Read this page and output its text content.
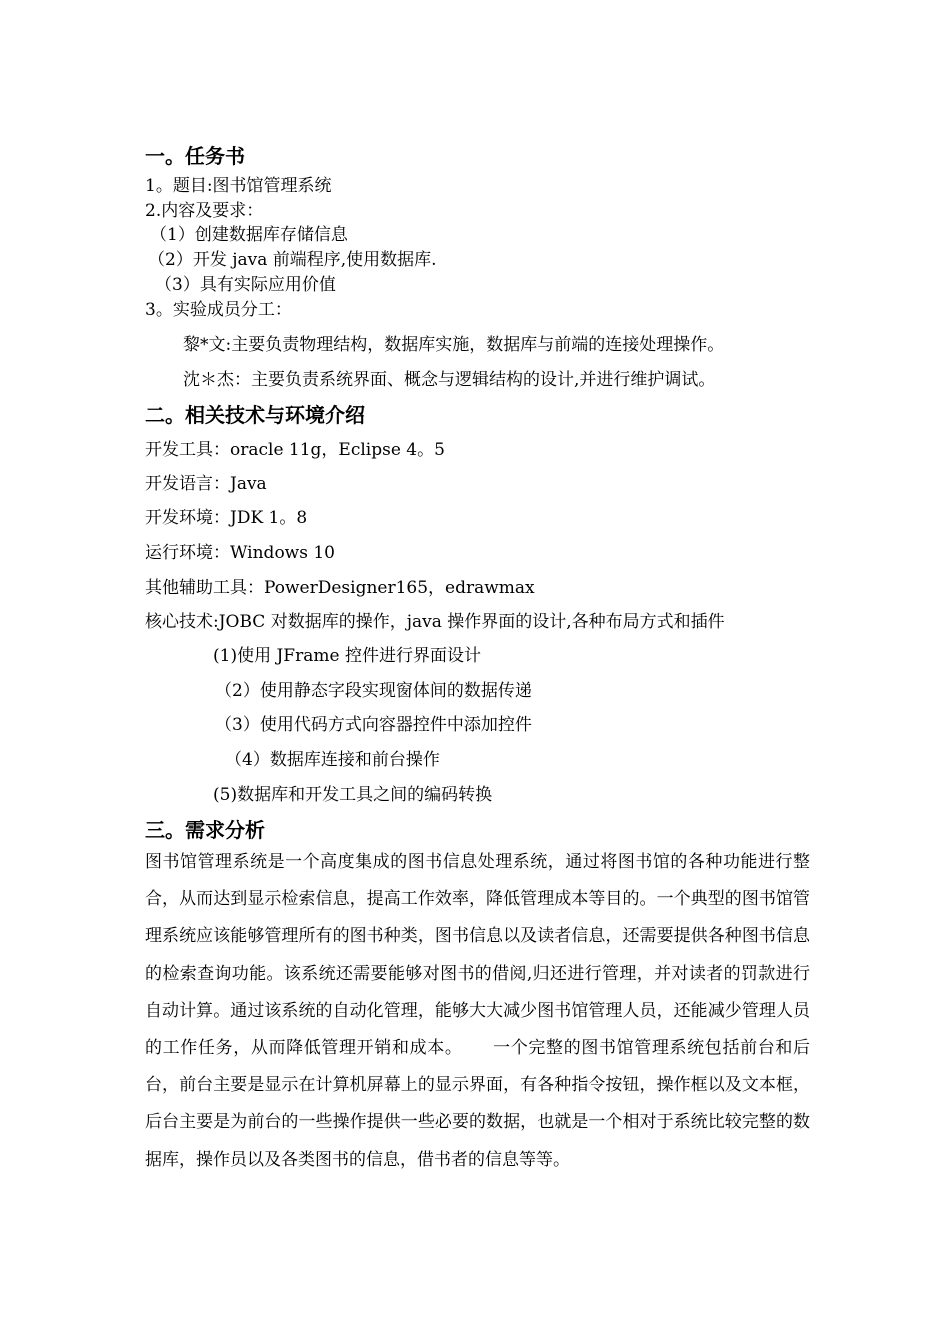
一。任务书
1。题目:图书馆管理系统
2.内容及要求：
（1）创建数据库存储信息
（2）开发 java 前端程序,使用数据库.
（3）具有实际应用价值
3。实验成员分工：
黎*文:主要负责物理结构，数据库实施，数据库与前端的连接处理操作。
沈＊杰：主要负责系统界面、概念与逻辑结构的设计,并进行维护调试。
二。相关技术与环境介绍
开发工具：oracle 11g，Eclipse 4。5
开发语言：Java
开发环境：JDK 1。8
运行环境：Windows 10
其他辅助工具：PowerDesigner165，edrawmax
核心技术:JOBC 对数据库的操作，java 操作界面的设计,各种布局方式和插件
(1)使用 JFrame 控件进行界面设计
（2）使用静态字段实现窗体间的数据传递
（3）使用代码方式向容器控件中添加控件
（4）数据库连接和前台操作
(5)数据库和开发工具之间的编码转换
三。需求分析
图书馆管理系统是一个高度集成的图书信息处理系统，通过将图书馆的各种功能进行整合，从而达到显示检索信息，提高工作效率，降低管理成本等目的。一个典型的图书馆管理系统应该能够管理所有的图书种类，图书信息以及读者信息，还需要提供各种图书信息的检索查询功能。该系统还需要能够对图书的借阅,归还进行管理，并对读者的罚款进行自动计算。通过该系统的自动化管理，能够大大减少图书馆管理人员，还能减少管理人员的工作任务，从而降低管理开销和成本。 一个完整的图书馆管理系统包括前台和后台，前台主要是显示在计算机屏幕上的显示界面，有各种指令按钮，操作框以及文本框，后台主要是为前台的一些操作提供一些必要的数据，也就是一个相对于系统比较完整的数据库，操作员以及各类图书的信息，借书者的信息等等。
